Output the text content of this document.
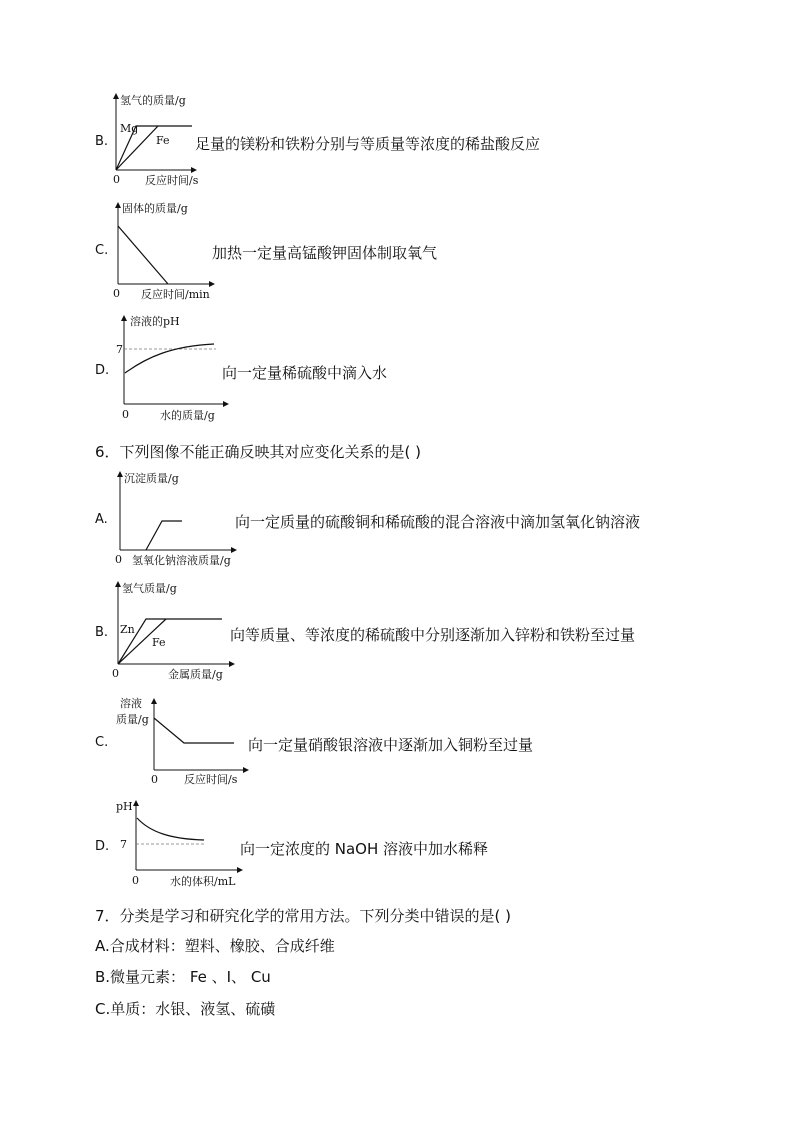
B.
氢气的质量/g
Mg
Fe
0 反应时间/s
足量的镁粉和铁粉分别与等质量等浓度的稀盐酸反应
C.
固体的质量/g
0 反应时间/min
加热一定量高锰酸钾固体制取氧气
D.
溶液的pH
7
0	水的质量/g
向一定量稀硫酸中滴入水
6．下列图像不能正确反映其对应变化关系的是( )
A.
沉淀质量/g
0 氢氧化钠溶液质量/g
向一定质量的硫酸铜和稀硫酸的混合溶液中滴加氢氧化钠溶液
B.
氢气质量/g
Zn
Fe
0	金属质量/g
向等质量、等浓度的稀硫酸中分别逐渐加入锌粉和铁粉至过量
C.
溶液
质量/g
0 反应时间/s
向一定量硝酸银溶液中逐渐加入铜粉至过量
D.
pH
7
0	水的体积/mL
向一定浓度的 NaOH 溶液中加水稀释
7．分类是学习和研究化学的常用方法。下列分类中错误的是( )
A.合成材料：塑料、橡胶、合成纤维
B.微量元素： Fe 、I、 Cu
C.单质：水银、液氢、硫磺
